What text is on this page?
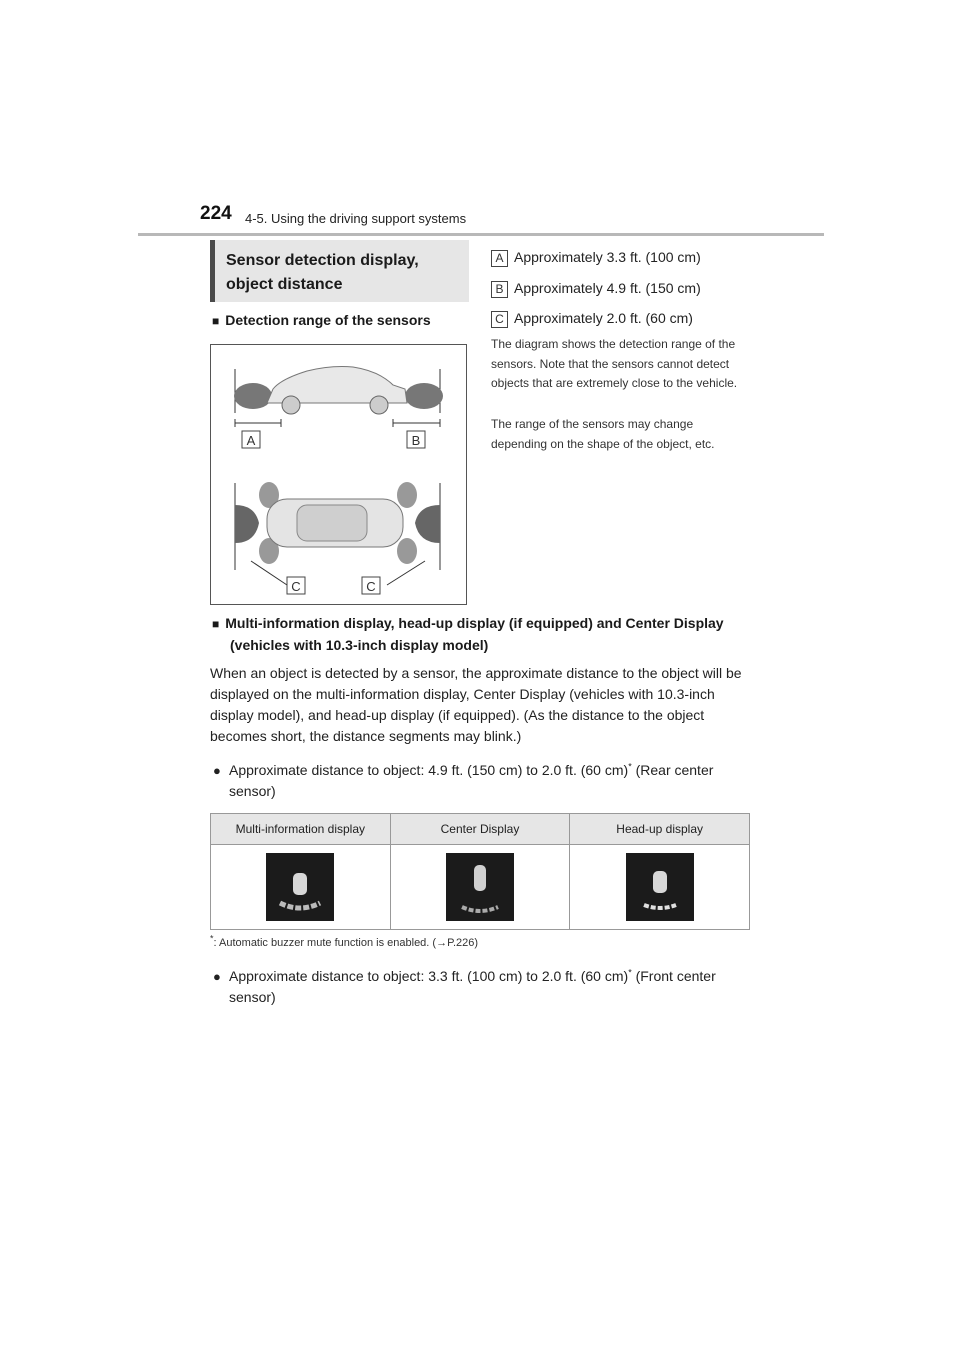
224 4-5. Using the driving support systems
Sensor detection display, object distance
■ Detection range of the sensors
A Approximately 3.3 ft. (100 cm)
B Approximately 4.9 ft. (150 cm)
C Approximately 2.0 ft. (60 cm)
The diagram shows the detection range of the sensors. Note that the sensors cannot detect objects that are extremely close to the vehicle.
The range of the sensors may change depending on the shape of the object, etc.
A	B
C	C
■ Multi-information display, head-up display (if equipped) and Center Display
(vehicles with 10.3-inch display model)
When an object is detected by a sensor, the approximate distance to the object will be displayed on the multi-information display, Center Display (vehicles with 10.3-inch display model), and head-up display (if equipped). (As the distance to the object becomes short, the distance segments may blink.)
● Approximate distance to object: 4.9 ft. (150 cm) to 2.0 ft. (60 cm)* (Rear center sensor)
Multi-information display	Center Display	Head-up display

*: Automatic buzzer mute function is enabled. (→P.226)
● Approximate distance to object: 3.3 ft. (100 cm) to 2.0 ft. (60 cm)* (Front center sensor)
